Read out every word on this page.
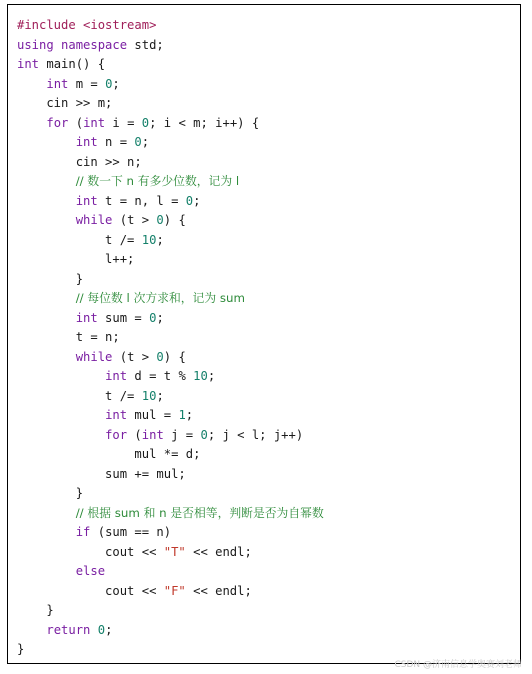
#include <iostream>
using namespace std;
int main() {
int m = 0;
cin >> m;
for (int i = 0; i < m; i++) {
int n = 0;
cin >> n;
// 数一下 n 有多少位数，记为 l
int t = n, l = 0;
while (t > 0) {
t /= 10;
l++;
}
// 每位数 l 次方求和，记为 sum
int sum = 0;
t = n;
while (t > 0) {
int d = t % 10;
t /= 10;
int mul = 1;
for (int j = 0; j < l; j++)
mul *= d;
sum += mul;
}
// 根据 sum 和 n 是否相等，判断是否为自幂数
if (sum == n)
cout << "T" << endl;
else
cout << "F" << endl;
}
return 0;
}
CSDN @济南信息学奥赛刘老师
